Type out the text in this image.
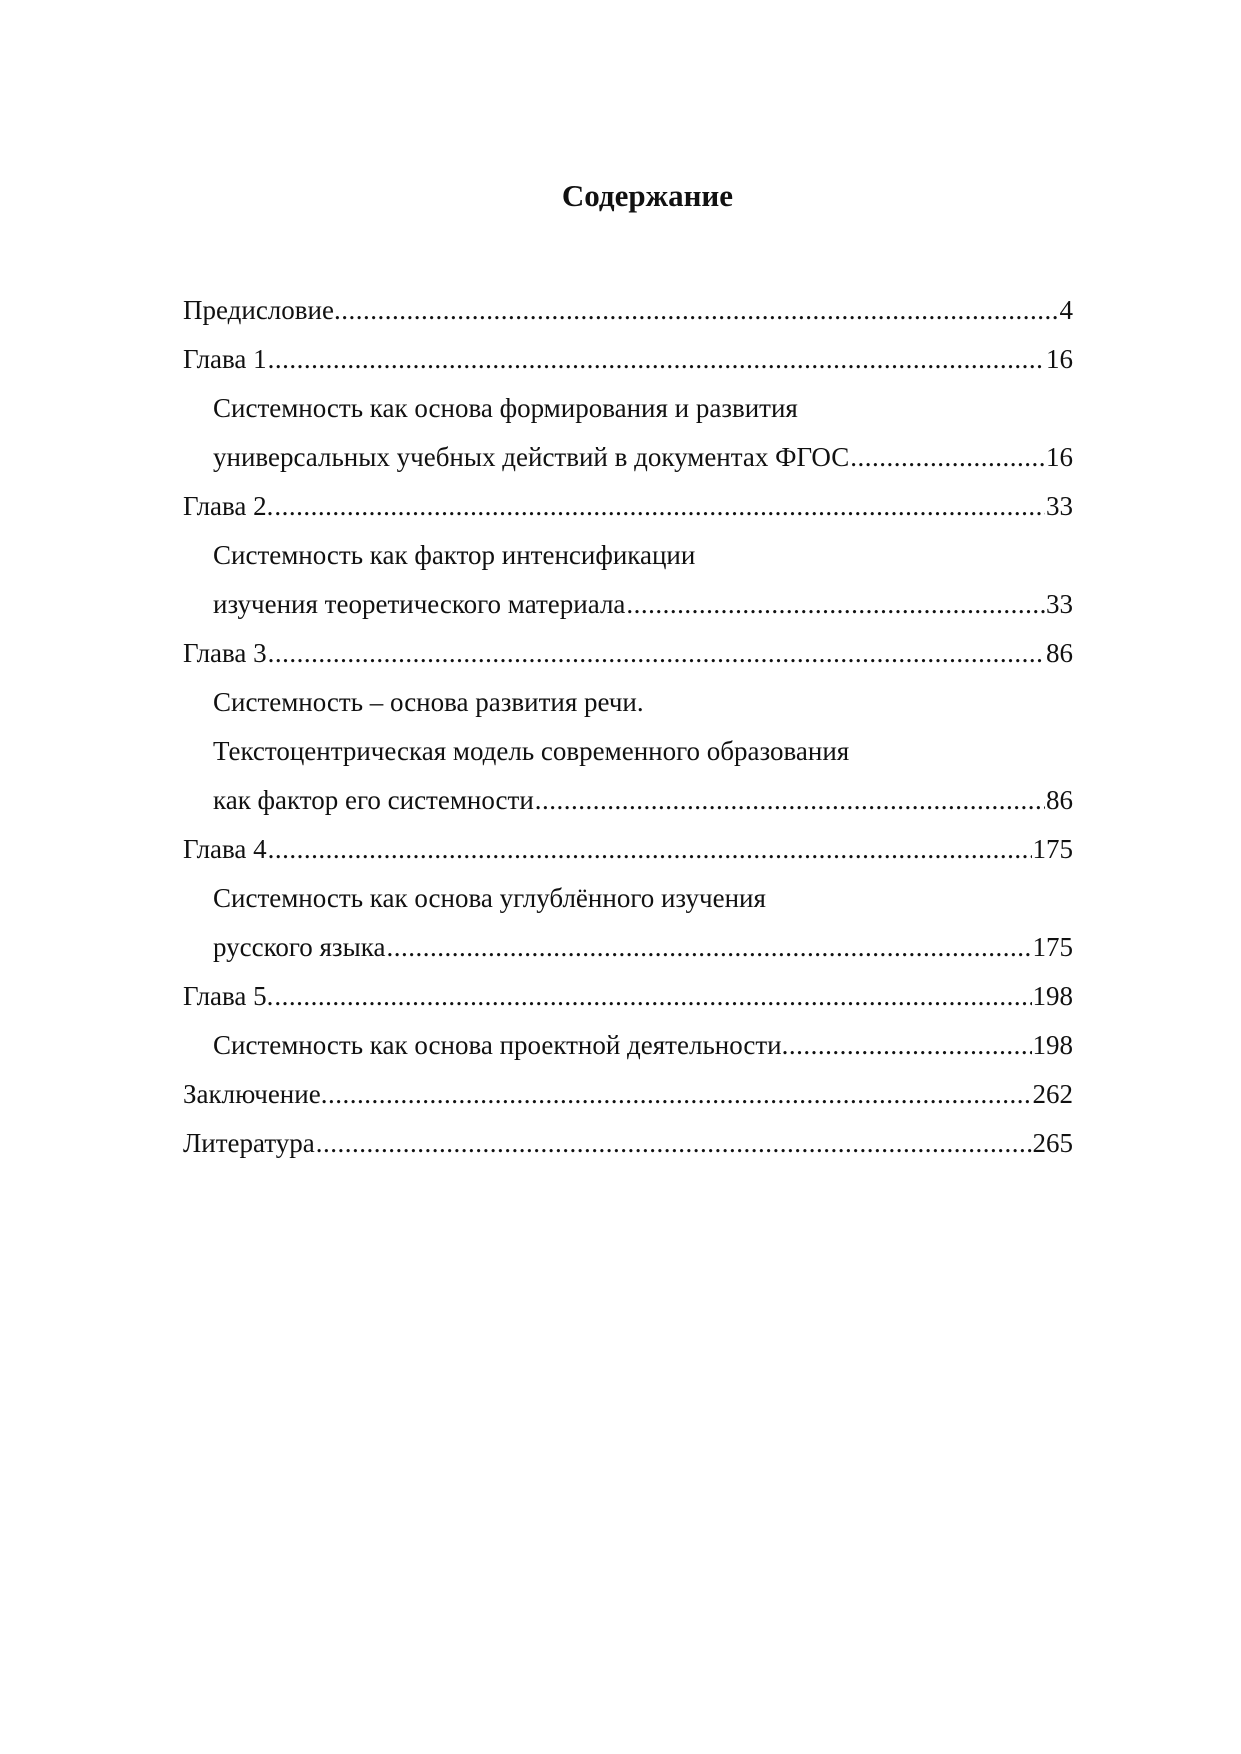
Содержание
Предисловие .....	4
Глава 1 .....	16
Системность как основа формирования и развития
универсальных учебных действий в документах ФГОС .....	16
Глава 2. .....	33
Системность как фактор интенсификации
изучения теоретического материала .....	33
Глава 3 .....	86
Системность – основа развития речи.
Текстоцентрическая модель современного образования
как фактор его системности .....	86
Глава 4 .....	175
Системность как основа углублённого изучения
русского языка .....	175
Глава 5. .....	198
Системность как основа проектной деятельности .....	198
Заключение .....	262
Литература .....	265
